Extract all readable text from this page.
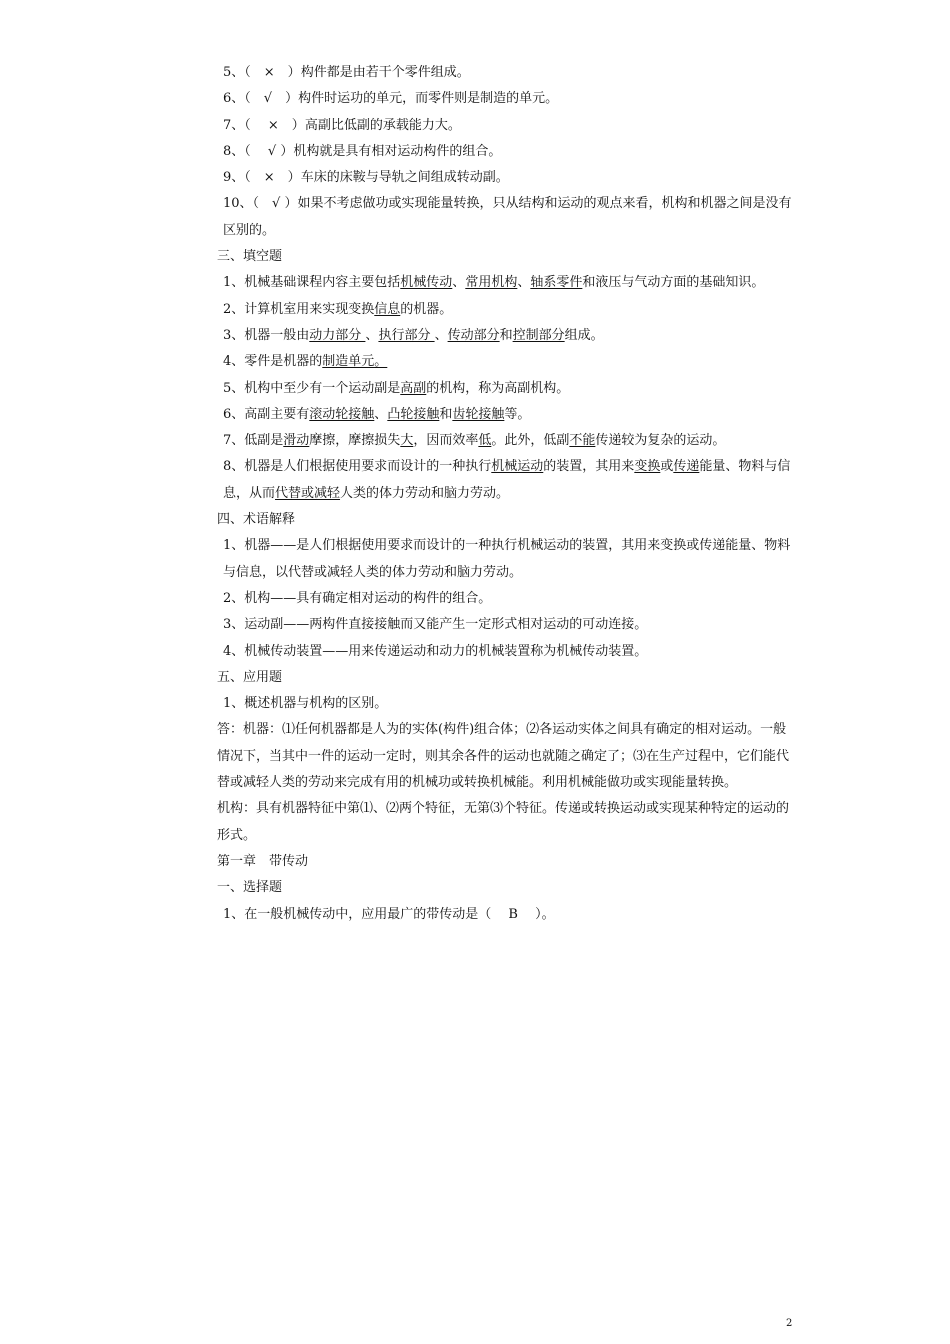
5、（　×　）构件都是由若干个零件组成。
6、（　√　）构件时运功的单元，而零件则是制造的单元。
7、（　 ×　）高副比低副的承载能力大。
8、（　 √ ）机构就是具有相对运动构件的组合。
9、（　×　）车床的床鞍与导轨之间组成转动副。
10、（　√ ）如果不考虑做功或实现能量转换，只从结构和运动的观点来看，机构和机器之间是没有区别的。
三、填空题
1、机械基础课程内容主要包括机械传动、常用机构、轴系零件和液压与气动方面的基础知识。
2、计算机室用来实现变换信息的机器。
3、机器一般由动力部分 、执行部分 、传动部分和控制部分组成。
4、零件是机器的制造单元。
5、机构中至少有一个运动副是高副的机构，称为高副机构。
6、高副主要有滚动轮接触、凸轮接触和齿轮接触等。
7、低副是滑动摩擦，摩擦损失大，因而效率低。此外，低副不能传递较为复杂的运动。
8、机器是人们根据使用要求而设计的一种执行机械运动的装置，其用来变换或传递能量、物料与信息，从而代替或减轻人类的体力劳动和脑力劳动。
四、术语解释
1、机器——是人们根据使用要求而设计的一种执行机械运动的装置，其用来变换或传递能量、物料与信息，以代替或减轻人类的体力劳动和脑力劳动。
2、机构——具有确定相对运动的构件的组合。
3、运动副——两构件直接接触而又能产生一定形式相对运动的可动连接。
4、机械传动装置——用来传递运动和动力的机械装置称为机械传动装置。
五、应用题
1、概述机器与机构的区别。
答：机器：⑴任何机器都是人为的实体(构件)组合体；⑵各运动实体之间具有确定的相对运动。一般情况下，当其中一件的运动一定时，则其余各件的运动也就随之确定了；⑶在生产过程中，它们能代替或减轻人类的劳动来完成有用的机械功或转换机械能。利用机械能做功或实现能量转换。
机构：具有机器特征中第⑴、⑵两个特征，无第⑶个特征。传递或转换运动或实现某种特定的运动的形式。
第一章　带传动
一、选择题
1、在一般机械传动中，应用最广的带传动是（　 B　 ）。
2
